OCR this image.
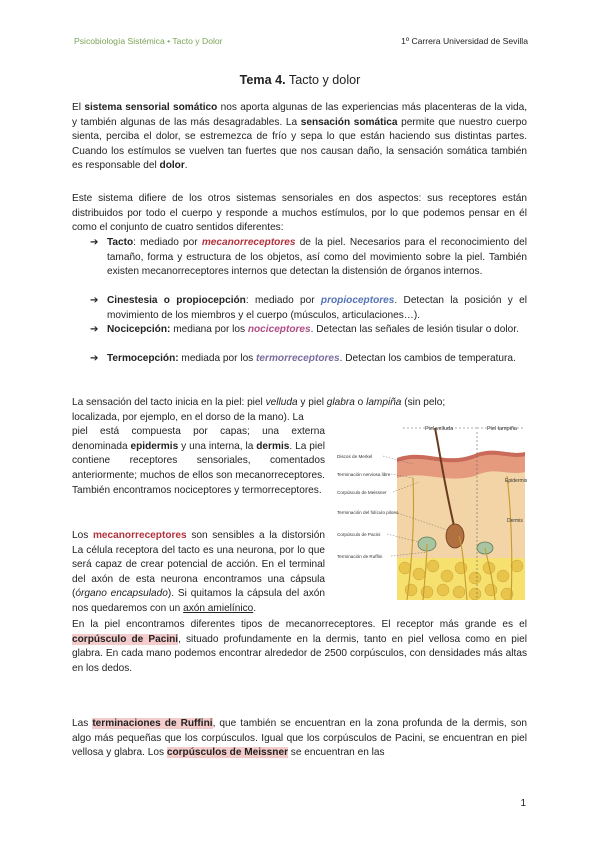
Psicobiología Sistémica • Tacto y Dolor	1º Carrera Universidad de Sevilla
Tema 4. Tacto y dolor

El sistema sensorial somático nos aporta algunas de las experiencias más placenteras de la vida, y también algunas de las más desagradables. La sensación somática permite que nuestro cuerpo sienta, perciba el dolor, se estremezca de frío y sepa lo que están haciendo sus distintas partes. Cuando los estímulos se vuelven tan fuertes que nos causan daño, la sensación somática también es responsable del dolor.

Este sistema difiere de los otros sistemas sensoriales en dos aspectos: sus receptores están distribuidos por todo el cuerpo y responde a muchos estímulos, por lo que podemos pensar en él como el conjunto de cuatro sentidos diferentes:

➔ Tacto: mediado por mecanorreceptores de la piel. Necesarios para el reconocimiento del tamaño, forma y estructura de los objetos, así como del movimiento sobre la piel. También existen mecanorreceptores internos que detectan la distensión de órganos internos.
➔ Cinestesia o propiocepción: mediado por propioceptores. Detectan la posición y el movimiento de los miembros y el cuerpo (músculos, articulaciones…).
➔ Nocicepción: mediana por los nociceptores. Detectan las señales de lesión tisular o dolor.
➔ Termocepción: mediada por los termorreceptores. Detectan los cambios de temperatura.

La sensación del tacto inicia en la piel: piel velluda y piel glabra o lampiña (sin pelo;

localizada, por ejemplo, en el dorso de la mano). La

piel está compuesta por capas; una externa denominada epidermis y una interna, la dermis. La piel contiene receptores sensoriales, comentados anteriormente; muchos de ellos son mecanorreceptores. También encontramos nociceptores y termorreceptores.

Los mecanorreceptores son sensibles a la distorsión La célula receptora del tacto es una neurona, por lo que será capaz de crear potencial de acción. En el terminal del axón de esta neurona encontramos una cápsula (órgano encapsulado). Si quitamos la cápsula del axón nos quedaremos con un axón amielínico.

En la piel encontramos diferentes tipos de mecanorreceptores. El receptor más grande es el corpúsculo de Pacini, situado profundamente en la dermis, tanto en piel vellosa como en piel glabra. En cada mano podemos encontrar alrededor de 2500 corpúsculos, con densidades más altas en los dedos.

Las terminaciones de Ruffini, que también se encuentran en la zona profunda de la dermis, son algo más pequeñas que los corpúsculos. Igual que los corpúsculos de Pacini, se encuentran en piel vellosa y glabra. Los corpúsculos de Meissner se encuentran en las

Piel velluda	Piel lampiña
Discos de Merkel
Terminación nerviosa libre
Corpúsculo de Meissner
Terminación del folículo piloso
Corpúsculo de Pacini
Terminación de Ruffini
Epidermis
Dermis
1
